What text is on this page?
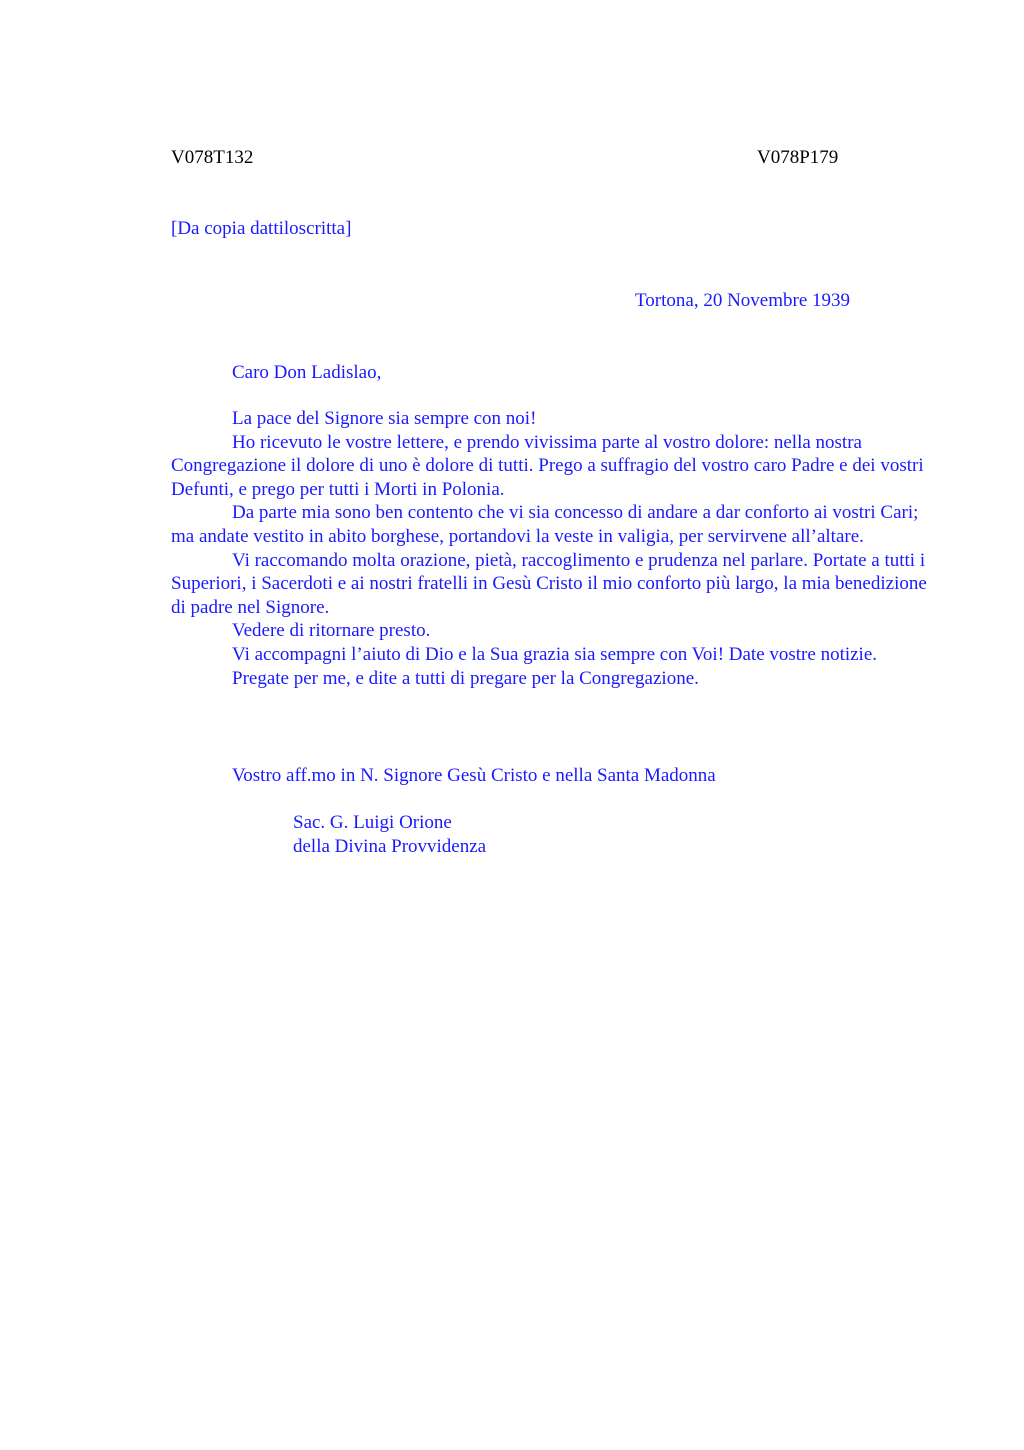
V078T132	V078P179
[Da copia dattiloscritta]
Tortona, 20 Novembre 1939
Caro Don Ladislao,

La pace del Signore sia sempre con noi!

Ho ricevuto le vostre lettere, e prendo vivissima parte al vostro dolore: nella nostra Congregazione il dolore di uno è dolore di tutti. Prego a suffragio del vostro caro Padre e dei vostri Defunti, e prego per tutti i Morti in Polonia.

Da parte mia sono ben contento che vi sia concesso di andare a dar conforto ai vostri Cari; ma andate vestito in abito borghese, portandovi la veste in valigia, per servirvene all’altare.

Vi raccomando molta orazione, pietà, raccoglimento e prudenza nel parlare. Portate a tutti i Superiori, i Sacerdoti e ai nostri fratelli in Gesù Cristo il mio conforto più largo, la mia benedizione di padre nel Signore.

Vedere di ritornare presto.

Vi accompagni l’aiuto di Dio e la Sua grazia sia sempre con Voi! Date vostre notizie.

Pregate per me, e dite a tutti di pregare per la Congregazione.

Vostro aff.mo in N. Signore Gesù Cristo e nella Santa Madonna
Sac. G. Luigi Orione
della Divina Provvidenza
